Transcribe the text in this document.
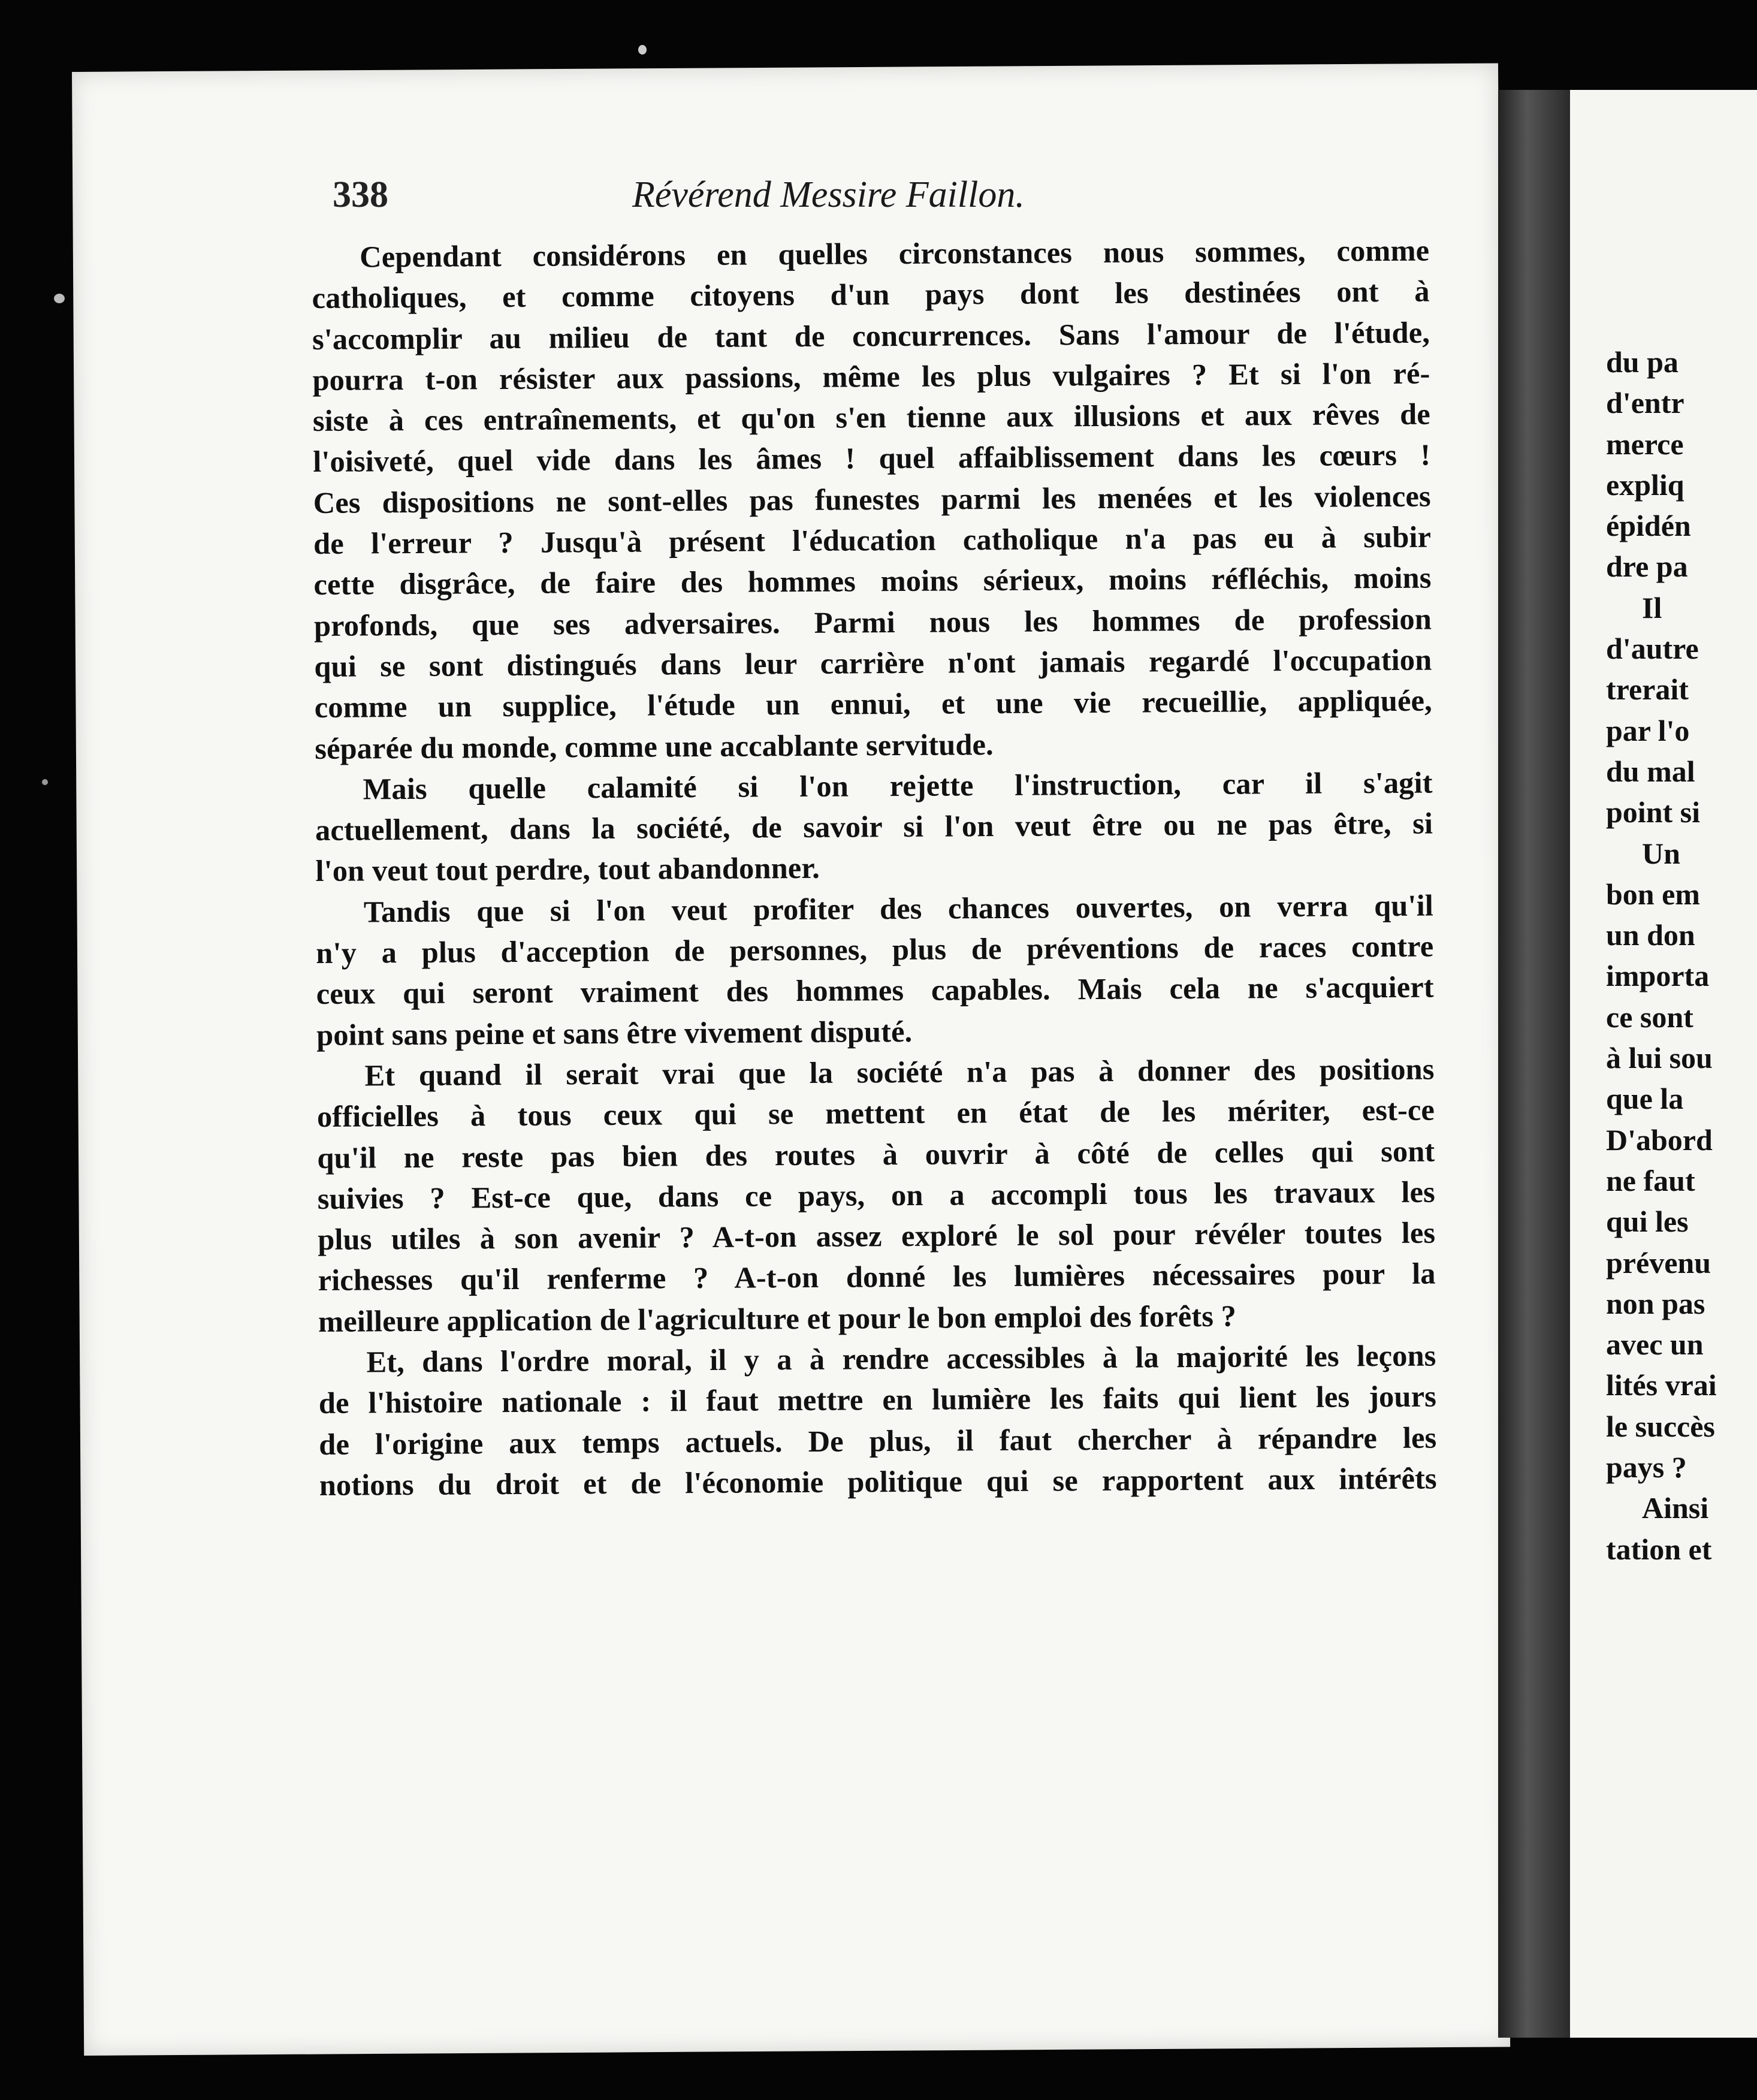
du pa
d'entr
merce
expliq
épidén
dre pa
Il
d'autre
trerait
par l'o
du mal
point si
Un
bon em
un don
importa
ce sont
à lui sou
que la
D'abord
ne faut
qui les
prévenu
non pas
avec un
lités vrai
le succès
pays ?
Ainsi
tation et
338	Révérend Messire Faillon.
Cependant considérons en quelles circonstances nous sommes, comme
catholiques, et comme citoyens d'un pays dont les destinées ont à
s'accomplir au milieu de tant de concurrences. Sans l'amour de l'étude,
pourra t-on résister aux passions, même les plus vulgaires ? Et si l'on ré-
siste à ces entraînements, et qu'on s'en tienne aux illusions et aux rêves de
l'oisiveté, quel vide dans les âmes ! quel affaiblissement dans les cœurs !
Ces dispositions ne sont-elles pas funestes parmi les menées et les violences
de l'erreur ? Jusqu'à présent l'éducation catholique n'a pas eu à subir
cette disgrâce, de faire des hommes moins sérieux, moins réfléchis, moins
profonds, que ses adversaires. Parmi nous les hommes de profession
qui se sont distingués dans leur carrière n'ont jamais regardé l'occupation
comme un supplice, l'étude un ennui, et une vie recueillie, appliquée,
séparée du monde, comme une accablante servitude.
Mais quelle calamité si l'on rejette l'instruction, car il s'agit
actuellement, dans la société, de savoir si l'on veut être ou ne pas être, si
l'on veut tout perdre, tout abandonner.
Tandis que si l'on veut profiter des chances ouvertes, on verra qu'il
n'y a plus d'acception de personnes, plus de préventions de races contre
ceux qui seront vraiment des hommes capables. Mais cela ne s'acquiert
point sans peine et sans être vivement disputé.
Et quand il serait vrai que la société n'a pas à donner des positions
officielles à tous ceux qui se mettent en état de les mériter, est-ce
qu'il ne reste pas bien des routes à ouvrir à côté de celles qui sont
suivies ? Est-ce que, dans ce pays, on a accompli tous les travaux les
plus utiles à son avenir ? A-t-on assez exploré le sol pour révéler toutes les
richesses qu'il renferme ? A-t-on donné les lumières nécessaires pour la
meilleure application de l'agriculture et pour le bon emploi des forêts ?
Et, dans l'ordre moral, il y a à rendre accessibles à la majorité les leçons
de l'histoire nationale : il faut mettre en lumière les faits qui lient les jours
de l'origine aux temps actuels. De plus, il faut chercher à répandre les
notions du droit et de l'économie politique qui se rapportent aux intérêts
